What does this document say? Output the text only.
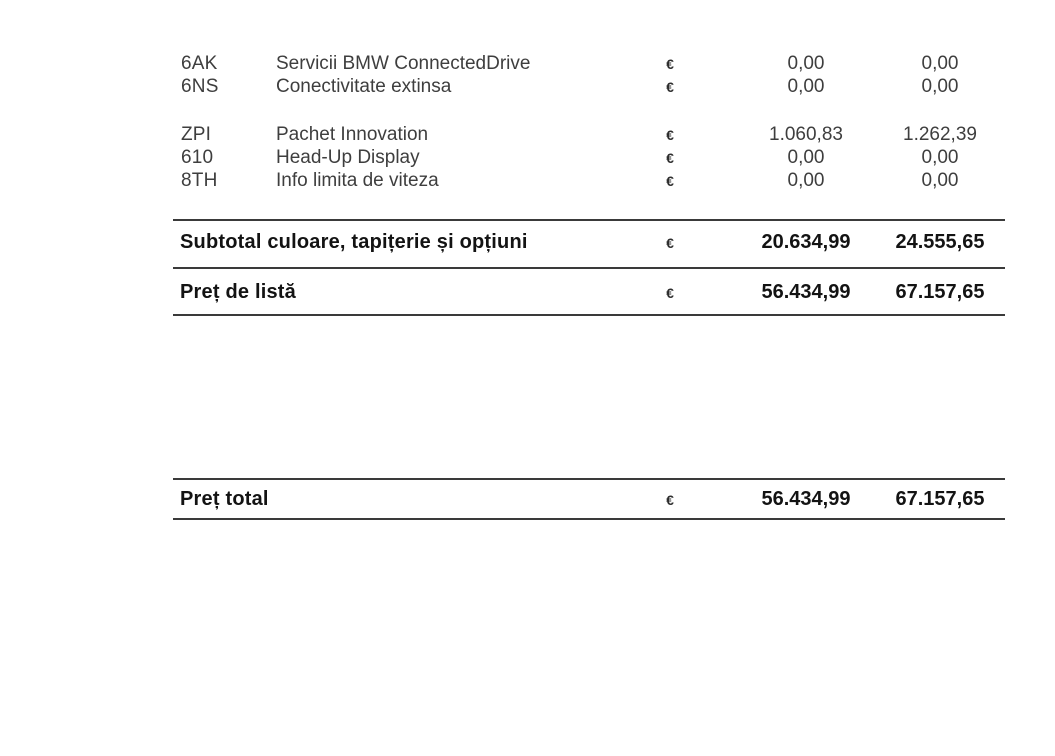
6AK	Servicii BMW ConnectedDrive	€	0,00	0,00
6NS	Conectivitate extinsa	€	0,00	0,00
ZPI	Pachet Innovation	€	1.060,83	1.262,39
610	Head-Up Display	€	0,00	0,00
8TH	Info limita de viteza	€	0,00	0,00
Subtotal culoare, tapițerie și opțiuni	€	20.634,99	24.555,65
Preț de listă	€	56.434,99	67.157,65
Preț total	€	56.434,99	67.157,65
